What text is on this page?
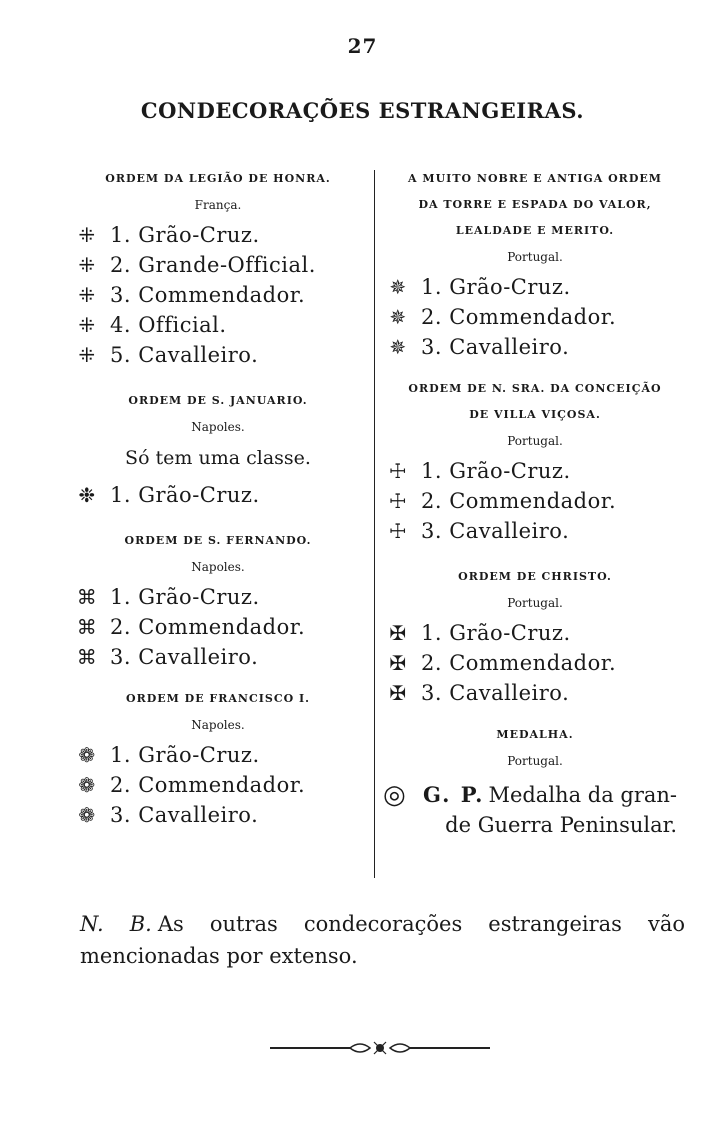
27
CONDECORAÇÕES ESTRANGEIRAS.
ORDEM DA LEGIÃO DE HONRA.
França.
⁜ 1. Grão-Cruz.
⁜ 2. Grande-Official.
⁜ 3. Commendador.
⁜ 4. Official.
⁜ 5. Cavalleiro.
ORDEM DE S. JANUARIO.
Napoles.
Só tem uma classe.
❉ 1. Grão-Cruz.
ORDEM DE S. FERNANDO.
Napoles.
⌘ 1. Grão-Cruz.
⌘ 2. Commendador.
⌘ 3. Cavalleiro.
ORDEM DE FRANCISCO I.
Napoles.
❁ 1. Grão-Cruz.
❁ 2. Commendador.
❁ 3. Cavalleiro.
A MUITO NOBRE E ANTIGA ORDEM
DA TORRE E ESPADA DO VALOR,
LEALDADE E MERITO.
Portugal.
✵ 1. Grão-Cruz.
✵ 2. Commendador.
✵ 3. Cavalleiro.
ORDEM DE N. SRA. DA CONCEIÇÃO
DE VILLA VIÇOSA.
Portugal.
☩ 1. Grão-Cruz.
☩ 2. Commendador.
☩ 3. Cavalleiro.
ORDEM DE CHRISTO.
Portugal.
✠ 1. Grão-Cruz.
✠ 2. Commendador.
✠ 3. Cavalleiro.
MEDALHA.
Portugal.
◎ G. P. Medalha da gran-
de Guerra Peninsular.
N. B. As outras condecorações estrangeiras vão mencionadas por extenso.
